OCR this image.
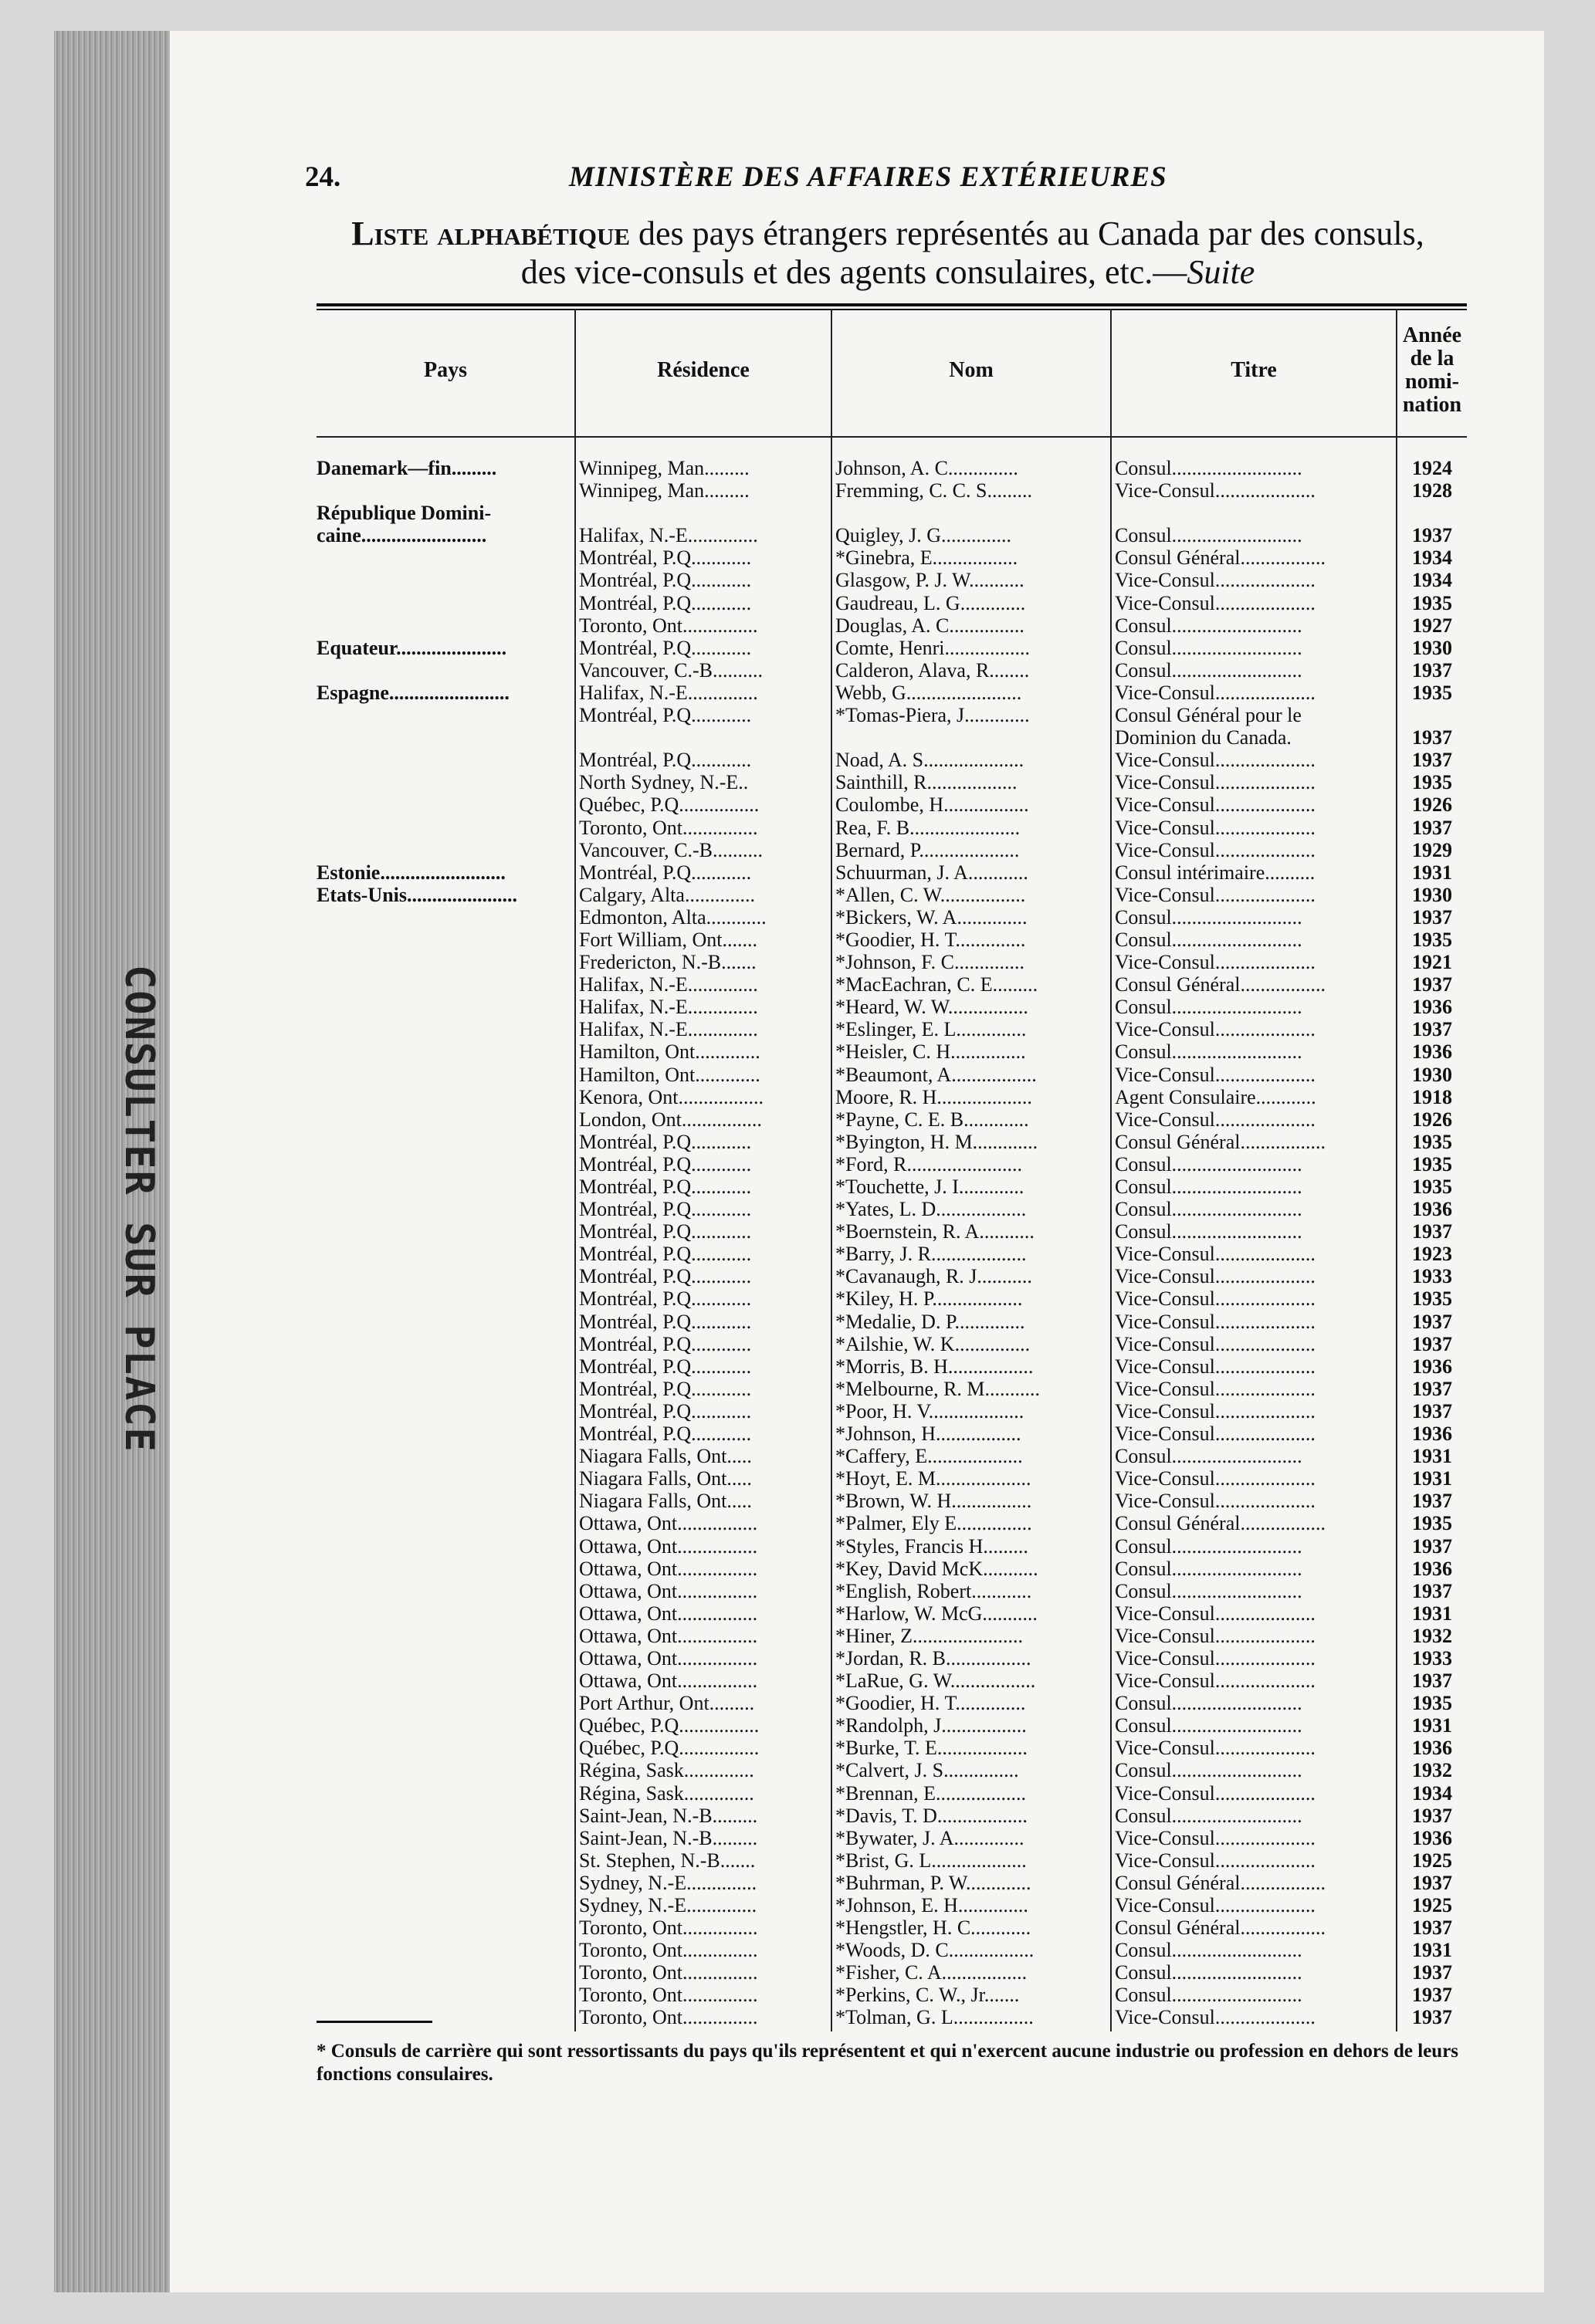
CONSULTER SUR PLACE
24.	MINISTÈRE DES AFFAIRES EXTÉRIEURES
Liste alphabétique des pays étrangers représentés au Canada par des consuls,
des vice-consuls et des agents consulaires, etc.—Suite
Pays	Résidence	Nom	Titre
Année de la nomi- nation
Danemark—fin.........	Winnipeg, Man.........	Johnson, A. C..............	Consul..........................	1924
Winnipeg, Man.........	Fremming, C. C. S.........	Vice-Consul....................	1928
République Domini-
caine.........................	Halifax, N.-E..............	Quigley, J. G..............	Consul..........................	1937
Montréal, P.Q............	*Ginebra, E.................	Consul Général.................	1934
Montréal, P.Q............	Glasgow, P. J. W...........	Vice-Consul....................	1934
Montréal, P.Q............	Gaudreau, L. G.............	Vice-Consul....................	1935
Toronto, Ont...............	Douglas, A. C...............	Consul..........................	1927
Equateur......................	Montréal, P.Q............	Comte, Henri.................	Consul..........................	1930
Vancouver, C.-B..........	Calderon, Alava, R........	Consul..........................	1937
Espagne........................	Halifax, N.-E..............	Webb, G.......................	Vice-Consul....................	1935
Montréal, P.Q............	*Tomas-Piera, J.............	Consul Général pour le
Dominion du Canada.	1937
Montréal, P.Q............	Noad, A. S....................	Vice-Consul....................	1937
North Sydney, N.-E..	Sainthill, R..................	Vice-Consul....................	1935
Québec, P.Q................	Coulombe, H.................	Vice-Consul....................	1926
Toronto, Ont...............	Rea, F. B......................	Vice-Consul....................	1937
Vancouver, C.-B..........	Bernard, P....................	Vice-Consul....................	1929
Estonie.........................	Montréal, P.Q............	Schuurman, J. A............	Consul intérimaire..........	1931
Etats-Unis......................	Calgary, Alta..............	*Allen, C. W.................	Vice-Consul....................	1930
Edmonton, Alta............	*Bickers, W. A..............	Consul..........................	1937
Fort William, Ont.......	*Goodier, H. T..............	Consul..........................	1935
Fredericton, N.-B.......	*Johnson, F. C..............	Vice-Consul....................	1921
Halifax, N.-E..............	*MacEachran, C. E.........	Consul Général.................	1937
Halifax, N.-E..............	*Heard, W. W................	Consul..........................	1936
Halifax, N.-E..............	*Eslinger, E. L..............	Vice-Consul....................	1937
Hamilton, Ont.............	*Heisler, C. H...............	Consul..........................	1936
Hamilton, Ont.............	*Beaumont, A.................	Vice-Consul....................	1930
Kenora, Ont.................	Moore, R. H...................	Agent Consulaire............	1918
London, Ont................	*Payne, C. E. B.............	Vice-Consul....................	1926
Montréal, P.Q............	*Byington, H. M.............	Consul Général.................	1935
Montréal, P.Q............	*Ford, R.......................	Consul..........................	1935
Montréal, P.Q............	*Touchette, J. I.............	Consul..........................	1935
Montréal, P.Q............	*Yates, L. D..................	Consul..........................	1936
Montréal, P.Q............	*Boernstein, R. A...........	Consul..........................	1937
Montréal, P.Q............	*Barry, J. R...................	Vice-Consul....................	1923
Montréal, P.Q............	*Cavanaugh, R. J...........	Vice-Consul....................	1933
Montréal, P.Q............	*Kiley, H. P..................	Vice-Consul....................	1935
Montréal, P.Q............	*Medalie, D. P..............	Vice-Consul....................	1937
Montréal, P.Q............	*Ailshie, W. K...............	Vice-Consul....................	1937
Montréal, P.Q............	*Morris, B. H.................	Vice-Consul....................	1936
Montréal, P.Q............	*Melbourne, R. M...........	Vice-Consul....................	1937
Montréal, P.Q............	*Poor, H. V...................	Vice-Consul....................	1937
Montréal, P.Q............	*Johnson, H.................	Vice-Consul....................	1936
Niagara Falls, Ont.....	*Caffery, E...................	Consul..........................	1931
Niagara Falls, Ont.....	*Hoyt, E. M...................	Vice-Consul....................	1931
Niagara Falls, Ont.....	*Brown, W. H................	Vice-Consul....................	1937
Ottawa, Ont................	*Palmer, Ely E...............	Consul Général.................	1935
Ottawa, Ont................	*Styles, Francis H.........	Consul..........................	1937
Ottawa, Ont................	*Key, David McK...........	Consul..........................	1936
Ottawa, Ont................	*English, Robert............	Consul..........................	1937
Ottawa, Ont................	*Harlow, W. McG...........	Vice-Consul....................	1931
Ottawa, Ont................	*Hiner, Z......................	Vice-Consul....................	1932
Ottawa, Ont................	*Jordan, R. B.................	Vice-Consul....................	1933
Ottawa, Ont................	*LaRue, G. W.................	Vice-Consul....................	1937
Port Arthur, Ont.........	*Goodier, H. T..............	Consul..........................	1935
Québec, P.Q................	*Randolph, J.................	Consul..........................	1931
Québec, P.Q................	*Burke, T. E..................	Vice-Consul....................	1936
Régina, Sask..............	*Calvert, J. S...............	Consul..........................	1932
Régina, Sask..............	*Brennan, E..................	Vice-Consul....................	1934
Saint-Jean, N.-B.........	*Davis, T. D..................	Consul..........................	1937
Saint-Jean, N.-B.........	*Bywater, J. A..............	Vice-Consul....................	1936
St. Stephen, N.-B.......	*Brist, G. L...................	Vice-Consul....................	1925
Sydney, N.-E..............	*Buhrman, P. W.............	Consul Général.................	1937
Sydney, N.-E..............	*Johnson, E. H..............	Vice-Consul....................	1925
Toronto, Ont...............	*Hengstler, H. C............	Consul Général.................	1937
Toronto, Ont...............	*Woods, D. C.................	Consul..........................	1931
Toronto, Ont...............	*Fisher, C. A.................	Consul..........................	1937
Toronto, Ont...............	*Perkins, C. W., Jr.......	Consul..........................	1937
Toronto, Ont...............	*Tolman, G. L................	Vice-Consul....................	1937
* Consuls de carrière qui sont ressortissants du pays qu'ils représentent et qui n'exercent aucune industrie ou profession en dehors de leurs fonctions consulaires.
